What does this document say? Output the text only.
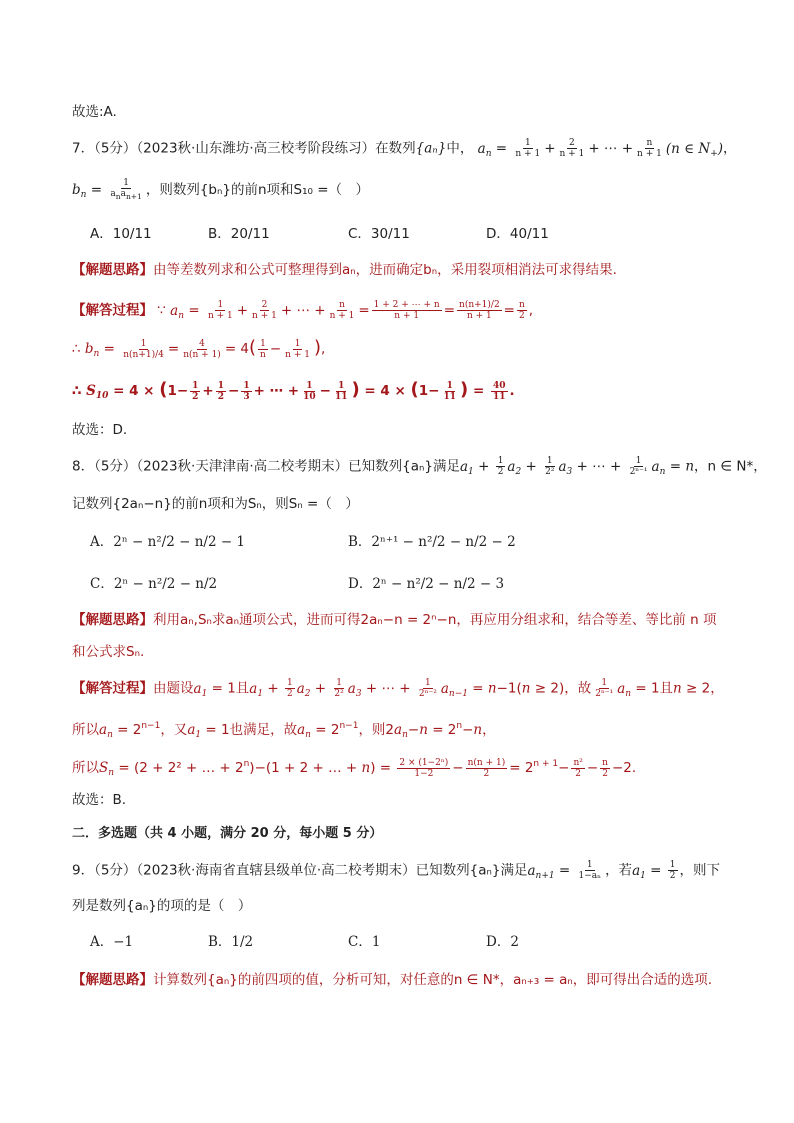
故选:A.
7．（5分）（2023秋·山东潍坊·高三校考阶段练习）在数列{aₙ}中， $a_n = \frac{1}{n + 1} + \frac{2}{n + 1}$ + ⋯ + $\frac{n}{n + 1} (n$ ∈ $N_+$)，
$b_n = \frac{1}{a_na_{n+1}}$ ，则数列{bₙ}的前n项和S₁₀ =（　）
A．10/11	B．20/11	C．30/11	D．40/11
【解题思路】由等差数列求和公式可整理得到aₙ，进而确定bₙ，采用裂项相消法可求得结果.
【解答过程】 ∵ $a_n = \frac{1}{n + 1} + \frac{2}{n + 1}$ + ⋯ + $\frac{n}{n + 1} = \frac{1 + 2 + \cdots + n}{n + 1} = \frac{n(n+1)/2}{n + 1} = \frac{n}{2}$ ,
∴ $b_n = \frac{1}{n(n+1)/4} = \frac{4}{n(n + 1)} = 4( \frac{1}{n} - \frac{1}{n + 1}$ ),
∴ $S_{10} = 4 \times (1- \frac{1}{2} + \frac{1}{2} - \frac{1}{3}$ + ⋯ + $\frac{1}{10} - \frac{1}{11}$ ) = $4 \times (1- \frac{1}{11}$ ) = $\frac{40}{11}$ .
故选：D.
8．（5分）（2023秋·天津津南·高二校考期末）已知数列{aₙ}满足$a_1 + \frac{1}{2} a_2 + \frac{1}{\text{2²}} a_3$ + ⋯ + $\frac{1}{\text{2ⁿ⁻¹}} a_n = n$，n ∈ N*，
记数列{2aₙ−n}的前n项和为Sₙ，则Sₙ =（　）
A．2ⁿ − n²/2 − n/2 − 1	B．2ⁿ⁺¹ − n²/2 − n/2 − 2
C．2ⁿ − n²/2 − n/2	D．2ⁿ − n²/2 − n/2 − 3
【解题思路】利用aₙ,Sₙ求aₙ通项公式，进而可得2aₙ−n = 2ⁿ−n，再应用分组求和，结合等差、等比前 n 项
和公式求Sₙ.
【解答过程】由题设$a_1 = 1$且$a_1 + \frac{1}{2} a_2 + \frac{1}{\text{2²}} a_3$ + ⋯ + $\frac{1}{\text{2ⁿ⁻²}} a_{n-1} = n-1(n \ge 2)$，故 $\frac{1}{\text{2ⁿ⁻¹}} a_n = 1$且n ≥ 2，
所以$a_n = 2^{n-1}$，又$a_1 = 1$也满足，故$a_n = 2^{n-1}$，则$2a_n-n = 2^n-n$，
所以$S_n = (2 + 2^2$ + … + $2^n)-(1 + 2$ + … + $n) = \frac{\text{2 × (1−2ⁿ)}}{1-2} - \frac{n(n + 1)}{2} = 2^{n + 1}- \frac{\text{n²}}{2} - \frac{n}{2} -2$.
故选：B.
二．多选题（共 4 小题，满分 20 分，每小题 5 分）
9．（5分）（2023秋·海南省直辖县级单位·高二校考期末）已知数列{aₙ}满足$a_{n+1} = \frac{1}{\text{1−aₙ}}$ ，若$a_1 = \frac{1}{2}$ ，则下
列是数列{aₙ}的项的是（　）
A．−1	B．1/2	C．1	D．2
【解题思路】计算数列{aₙ}的前四项的值，分析可知，对任意的n ∈ N*，aₙ₊₃ = aₙ，即可得出合适的选项.
